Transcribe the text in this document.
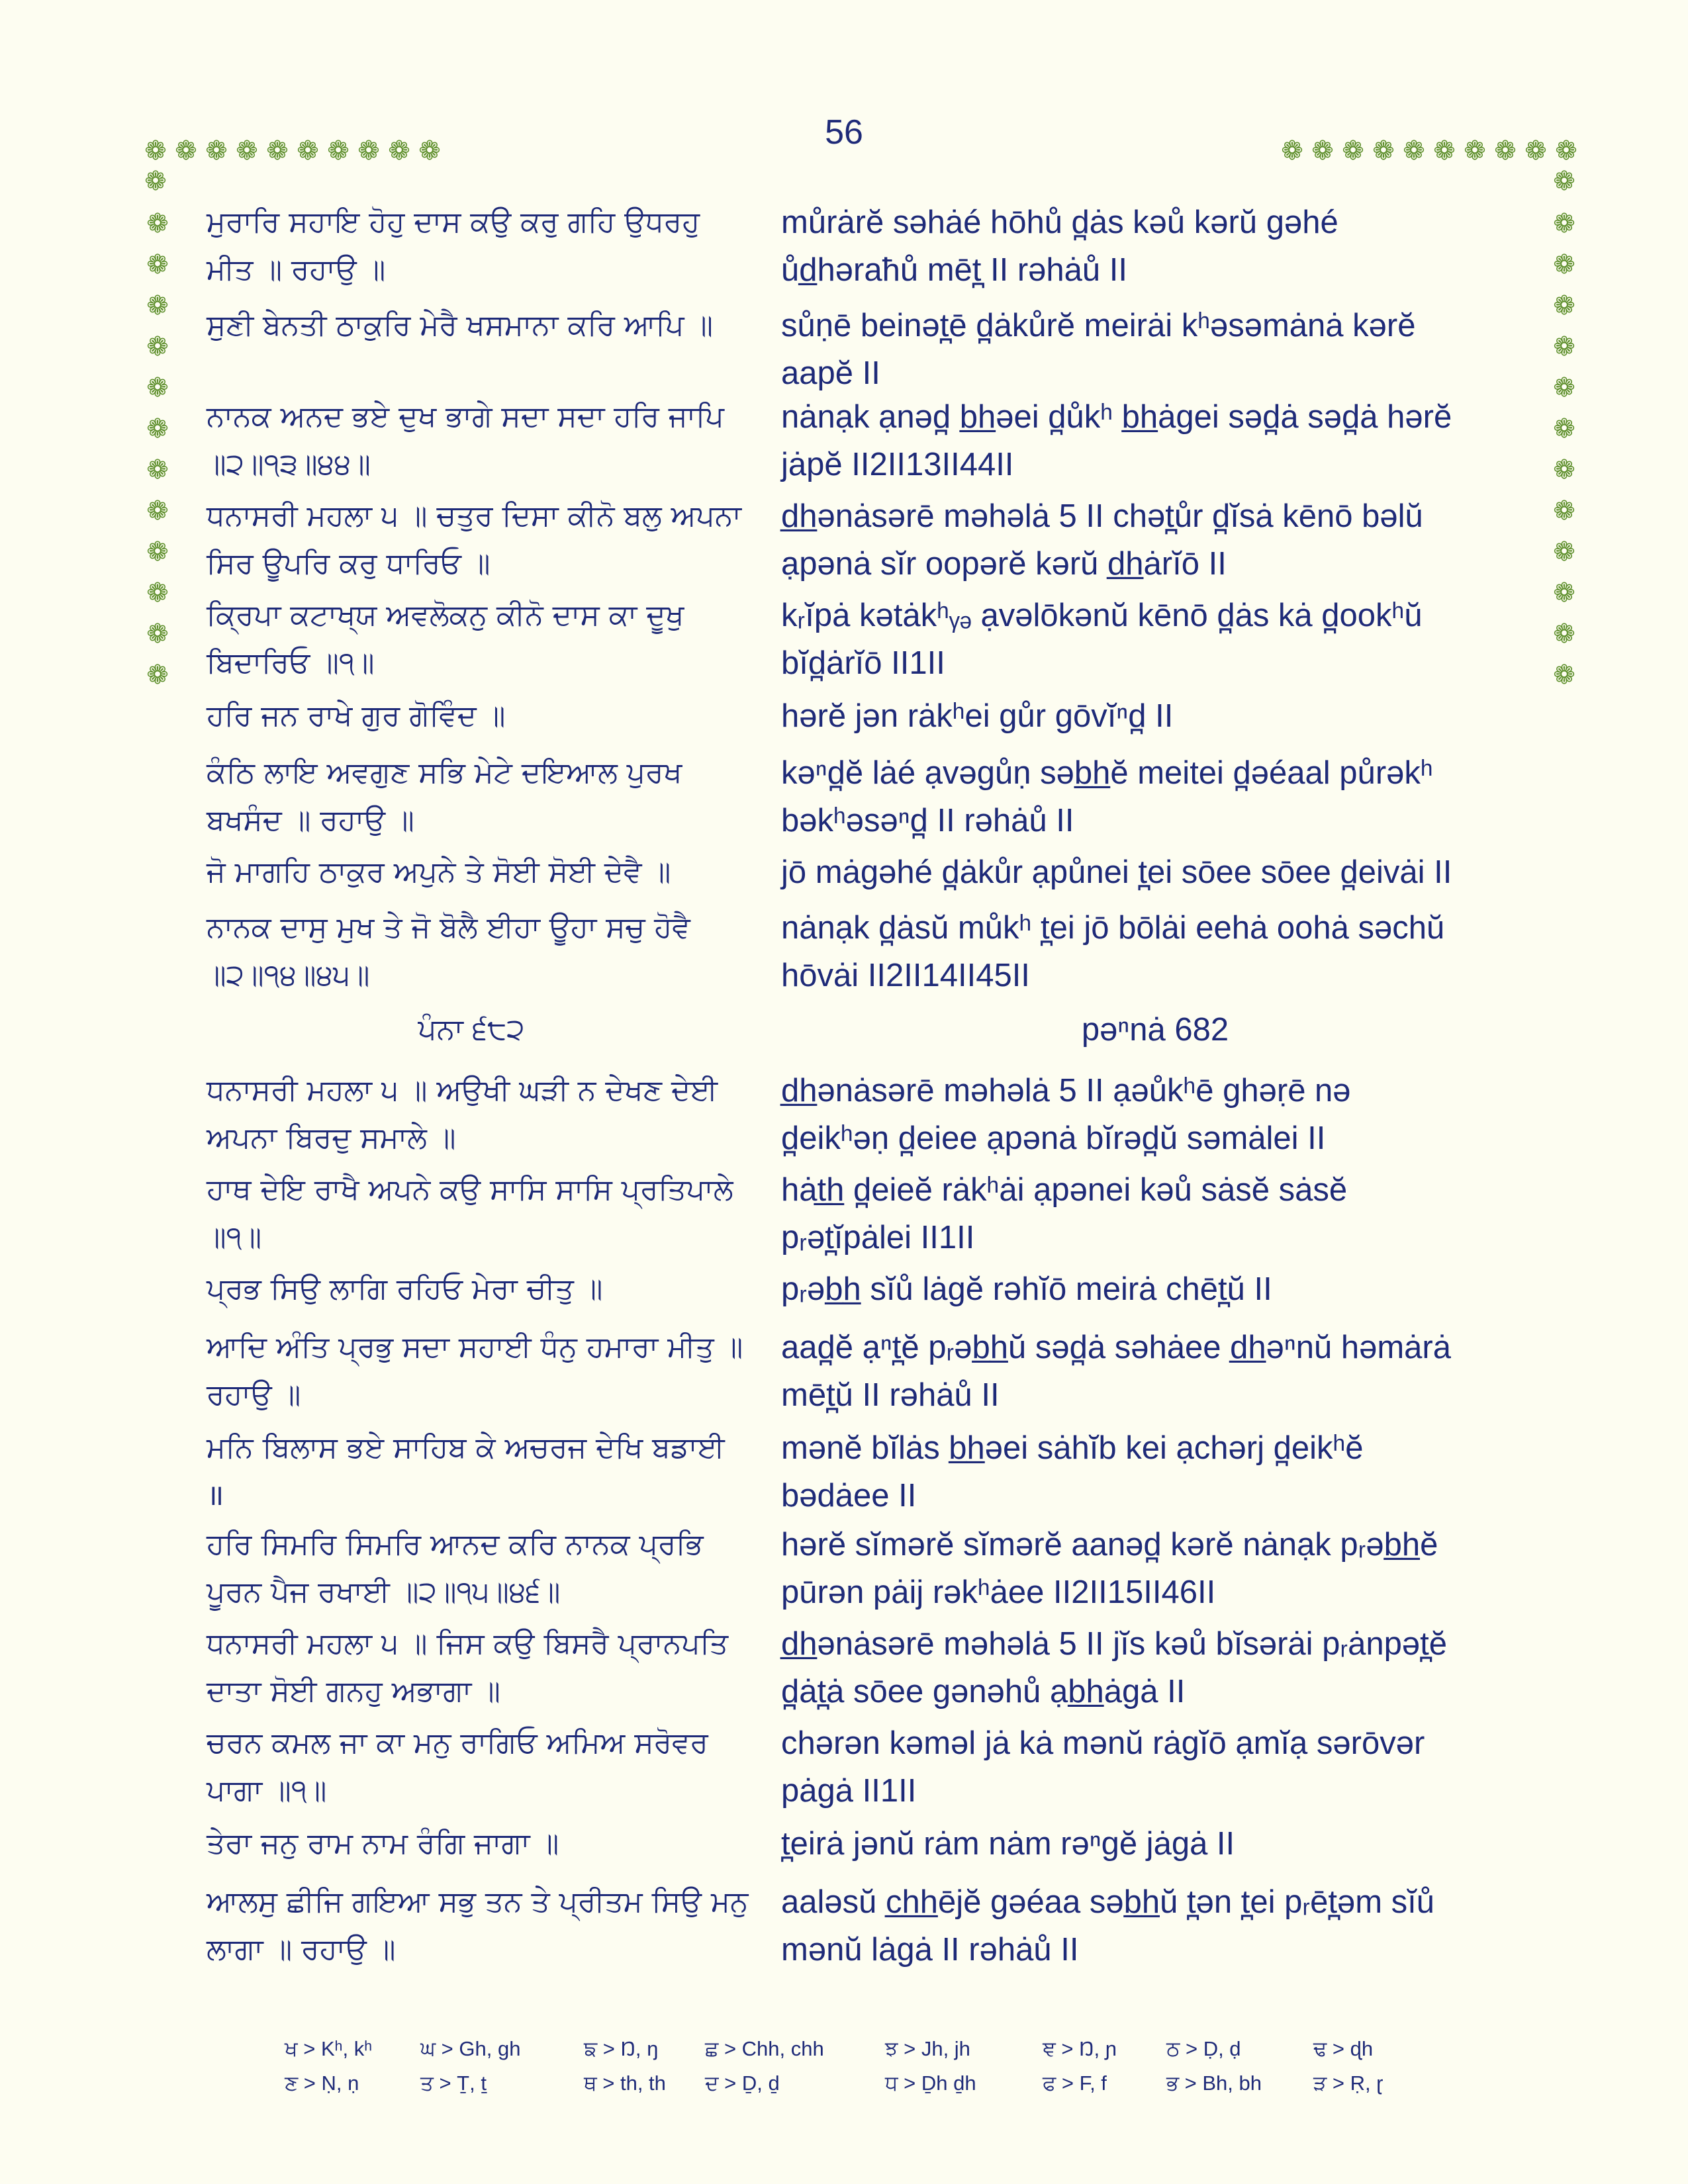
56
❁ ❁ ❁ ❁ ❁ ❁ ❁ ❁ ❁ ❁	❁ ❁ ❁ ❁ ❁ ❁ ❁ ❁ ❁ ❁
❁	❁
❁
❁
❁
❁
❁
❁
❁
❁
❁
❁
❁
❁
❁
❁
❁
❁
❁
❁
❁
❁
❁
❁
❁
❁
ਮੁਰਾਰਿ ਸਹਾਇ ਹੋਹੁ ਦਾਸ ਕਉ ਕਰੁ ਗਹਿ ਉਧਰਹੁ
ਮੀਤ ॥ ਰਹਾਉ ॥
ਸੁਣੀ ਬੇਨਤੀ ਠਾਕੁਰਿ ਮੇਰੈ ਖਸਮਾਨਾ ਕਰਿ ਆਪਿ ॥
ਨਾਨਕ ਅਨਦ ਭਏ ਦੁਖ ਭਾਗੇ ਸਦਾ ਸਦਾ ਹਰਿ ਜਾਪਿ
॥੨॥੧੩॥੪੪॥
ਧਨਾਸਰੀ ਮਹਲਾ ੫ ॥ ਚਤੁਰ ਦਿਸਾ ਕੀਨੋ ਬਲੁ ਅਪਨਾ
ਸਿਰ ਊਪਰਿ ਕਰੁ ਧਾਰਿਓ ॥
ਕ੍ਰਿਪਾ ਕਟਾਖ੍ਯ ਅਵਲੋਕਨੁ ਕੀਨੋ ਦਾਸ ਕਾ ਦੂਖੁ
ਬਿਦਾਰਿਓ ॥੧॥
ਹਰਿ ਜਨ ਰਾਖੇ ਗੁਰ ਗੋਵਿੰਦ ॥
ਕੰਠਿ ਲਾਇ ਅਵਗੁਣ ਸਭਿ ਮੇਟੇ ਦਇਆਲ ਪੁਰਖ
ਬਖਸੰਦ ॥ ਰਹਾਉ ॥
ਜੋ ਮਾਗਹਿ ਠਾਕੁਰ ਅਪੁਨੇ ਤੇ ਸੋਈ ਸੋਈ ਦੇਵੈ ॥
ਨਾਨਕ ਦਾਸੁ ਮੁਖ ਤੇ ਜੋ ਬੋਲੈ ਈਹਾ ਊਹਾ ਸਚੁ ਹੋਵੈ
॥੨॥੧੪॥੪੫॥
ਧਨਾਸਰੀ ਮਹਲਾ ੫ ॥ ਅਉਖੀ ਘੜੀ ਨ ਦੇਖਣ ਦੇਈ
ਅਪਨਾ ਬਿਰਦੁ ਸਮਾਲੇ ॥
ਹਾਥ ਦੇਇ ਰਾਖੈ ਅਪਨੇ ਕਉ ਸਾਸਿ ਸਾਸਿ ਪ੍ਰਤਿਪਾਲੇ
॥੧॥
ਪ੍ਰਭ ਸਿਉ ਲਾਗਿ ਰਹਿਓ ਮੇਰਾ ਚੀਤੁ ॥
ਆਦਿ ਅੰਤਿ ਪ੍ਰਭੁ ਸਦਾ ਸਹਾਈ ਧੰਨੁ ਹਮਾਰਾ ਮੀਤੁ ॥
ਰਹਾਉ ॥
ਮਨਿ ਬਿਲਾਸ ਭਏ ਸਾਹਿਬ ਕੇ ਅਚਰਜ ਦੇਖਿ ਬਡਾਈ
॥
ਹਰਿ ਸਿਮਰਿ ਸਿਮਰਿ ਆਨਦ ਕਰਿ ਨਾਨਕ ਪ੍ਰਭਿ
ਪੂਰਨ ਪੈਜ ਰਖਾਈ ॥੨॥੧੫॥੪੬॥
ਧਨਾਸਰੀ ਮਹਲਾ ੫ ॥ ਜਿਸ ਕਉ ਬਿਸਰੈ ਪ੍ਰਾਨਪਤਿ
ਦਾਤਾ ਸੋਈ ਗਨਹੁ ਅਭਾਗਾ ॥
ਚਰਨ ਕਮਲ ਜਾ ਕਾ ਮਨੁ ਰਾਗਿਓ ਅਮਿਅ ਸਰੋਵਰ
ਪਾਗਾ ॥੧॥
ਤੇਰਾ ਜਨੁ ਰਾਮ ਨਾਮ ਰੰਗਿ ਜਾਗਾ ॥
ਆਲਸੁ ਛੀਜਿ ਗਇਆ ਸਭੁ ਤਨ ਤੇ ਪ੍ਰੀਤਮ ਸਿਉ ਮਨੁ
ਲਾਗਾ ॥ ਰਹਾਉ ॥
můrȧrĕ səhȧé hōhů d̪ȧs kəů kərŭ gəhé
ůd̲həraħů mēt̪ II rəhȧů II
sůṇē beinət̪ē d̪ȧkůrĕ meirȧi kʰəsəmȧnȧ kərĕ
aapĕ II
nȧnạk ạnəd̪ b̲h̲əei d̪ůkʰ b̲h̲ȧgei səd̪ȧ səd̪ȧ hərĕ
jȧpĕ II2II13II44II
d̲h̲ənȧsərē məhəlȧ 5 II chət̪ůr d̪ĭsȧ kēnō bəlŭ
ạpənȧ sĭr oopərĕ kərŭ d̲h̲ȧrĭō II
kᵣĭpȧ kətȧkʰᵧₔ ạvəlōkənŭ kēnō d̪ȧs kȧ d̪ookʰŭ
bĭd̪ȧrĭō II1II
hərĕ jən rȧkʰei gůr gōvĭⁿd̪ II
kəⁿd̪ĕ lȧé ạvəgůṇ səb̲h̲ĕ meitei d̪əéaal půrəkʰ
bəkʰəsəⁿd̪ II rəhȧů II
jō mȧgəhé d̪ȧkůr ạpůnei t̪ei sōee sōee d̪eivȧi II
nȧnạk d̪ȧsŭ můkʰ t̪ei jō bōlȧi eehȧ oohȧ səchŭ
hōvȧi II2II14II45II
d̲h̲ənȧsərē məhəlȧ 5 II ạəůkʰē ghəṛē nə
d̪eikʰəṇ d̪eiee ạpənȧ bĭrəd̪ŭ səmȧlei II
hȧt̲h̲ d̪eieĕ rȧkʰȧi ạpənei kəů sȧsĕ sȧsĕ
pᵣət̪ĭpȧlei II1II
pᵣəb̲h̲ sĭů lȧgĕ rəhĭō meirȧ chēt̪ŭ II
aad̪ĕ ạⁿt̪ĕ pᵣəb̲h̲ŭ səd̪ȧ səhȧee d̲h̲əⁿnŭ həmȧrȧ
mēt̪ŭ II rəhȧů II
mənĕ bĭlȧs b̲h̲əei sȧhĭb kei ạchərj d̪eikʰĕ
bədȧee II
hərĕ sĭmərĕ sĭmərĕ aanəd̪ kərĕ nȧnạk pᵣəb̲h̲ĕ
pūrən pȧij rəkʰȧee II2II15II46II
d̲h̲ənȧsərē məhəlȧ 5 II jĭs kəů bĭsərȧi pᵣȧnpət̪ĕ
d̪ȧt̪ȧ sōee gənəhů ạb̲h̲ȧgȧ II
chərən kəməl jȧ kȧ mənŭ rȧgĭō ạmĭạ sərōvər
pȧgȧ II1II
t̪eirȧ jənŭ rȧm nȧm rəⁿgĕ jȧgȧ II
aaləsŭ c̲h̲h̲ējĕ gəéaa səb̲h̲ŭ t̪ən t̪ei pᵣēt̪əm sĭů
mənŭ lȧgȧ II rəhȧů II
ਪੰਨਾ ੬੮੨	pəⁿnȧ 682
ਖ > Kʰ, kʰ ਘ > Gh, gh	ਙ > Ŋ, ŋ ਛ > Chh, chh	ਝ > Jh, jh	ਞ > Ŋ, ɲ ਠ > Ḍ, ḍ	ਢ > ɖh
ਣ > Ṇ, ṇ	ਤ > Ṯ, ṯ	ਥ > th, th ਦ > Ḏ, ḏ	ਧ > Ḏh ḏh	ਫ > F, f	ਭ > Bh, bh	ੜ > Ṛ, ɽ
